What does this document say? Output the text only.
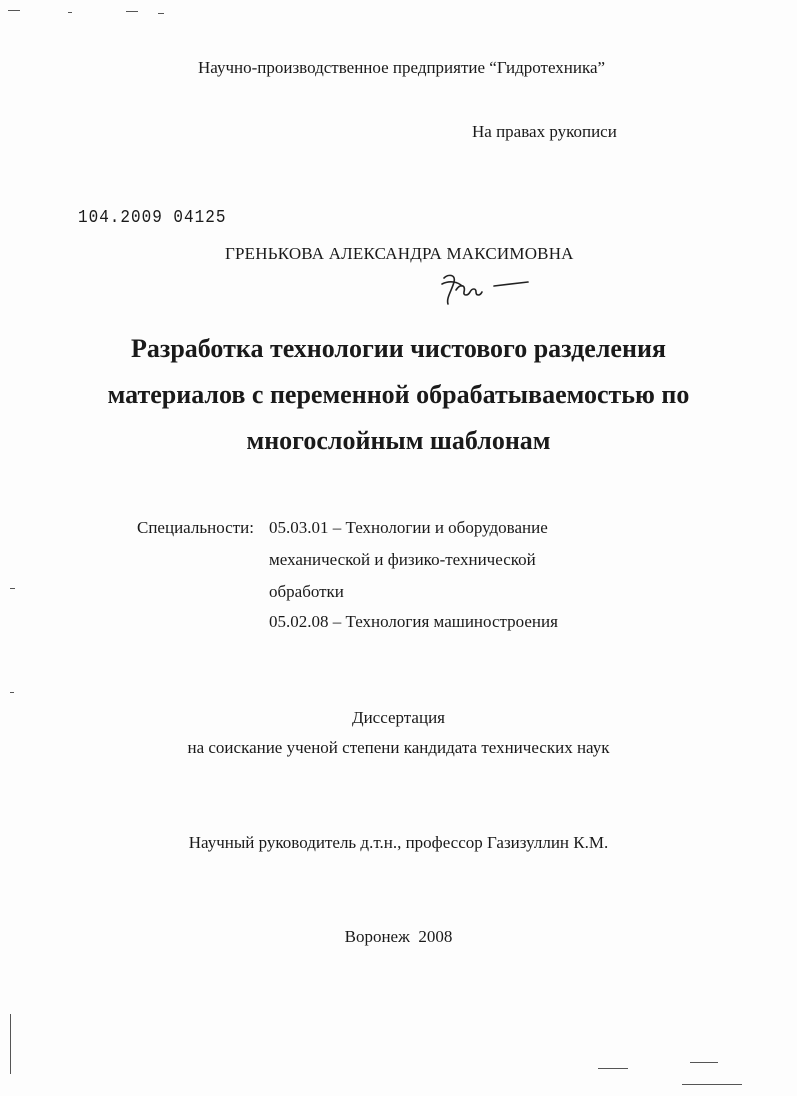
Научно-производственное предприятие “Гидротехника”
На правах рукописи
104.2009 04125
ГРЕНЬКОВА АЛЕКСАНДРА МАКСИМОВНА
Разработка технологии чистового разделения
материалов с переменной обрабатываемостью по
многослойным шаблонам
Специальности: 05.03.01 – Технологии и оборудование
механической и физико-технической
обработки
05.02.08 – Технология машиностроения
Диссертация
на соискание ученой степени кандидата технических наук
Научный руководитель д.т.н., профессор Газизуллин К.М.
Воронеж  2008
